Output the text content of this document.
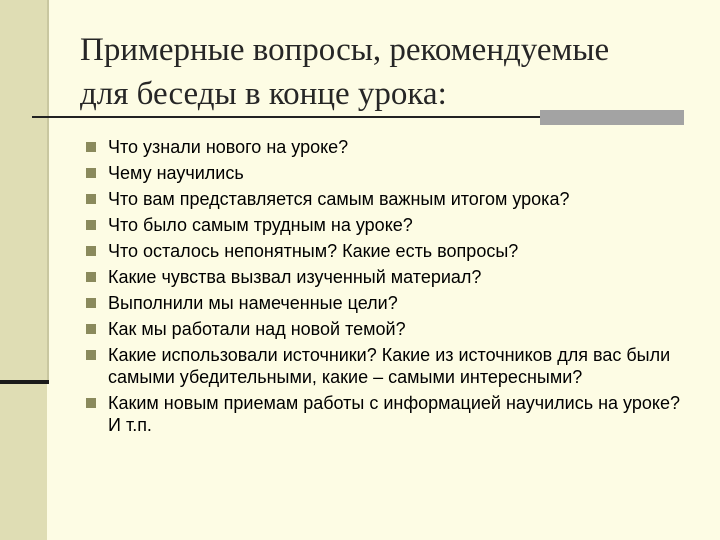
Примерные вопросы, рекомендуемые
для беседы в конце урока:
Что узнали нового на уроке?
Чему научились
Что вам представляется самым важным итогом урока?
Что было самым трудным на уроке?
Что осталось непонятным? Какие есть вопросы?
Какие чувства вызвал изученный материал?
Выполнили мы намеченные цели?
Как мы работали над новой темой?
Какие использовали источники? Какие из источников для вас были самыми убедительными, какие – самыми интересными?
Каким новым приемам работы с информацией научились на уроке? И т.п.
